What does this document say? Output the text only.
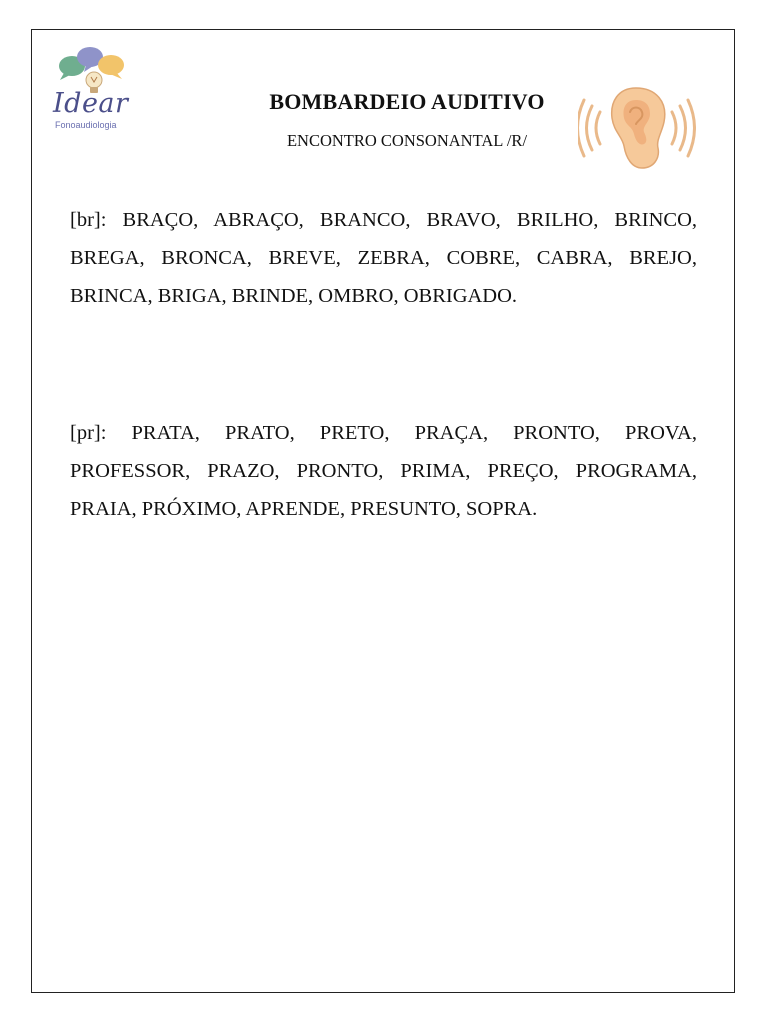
Idear
Fonoaudiologia
BOMBARDEIO AUDITIVO
ENCONTRO CONSONANTAL /R/
[br]: BRAÇO, ABRAÇO, BRANCO, BRAVO, BRILHO, BRINCO, BREGA, BRONCA, BREVE, ZEBRA, COBRE, CABRA, BREJO, BRINCA, BRIGA, BRINDE, OMBRO, OBRIGADO.
[pr]: PRATA, PRATO, PRETO, PRAÇA, PRONTO, PROVA, PROFESSOR, PRAZO, PRONTO, PRIMA, PREÇO, PROGRAMA, PRAIA, PRÓXIMO, APRENDE, PRESUNTO, SOPRA.
